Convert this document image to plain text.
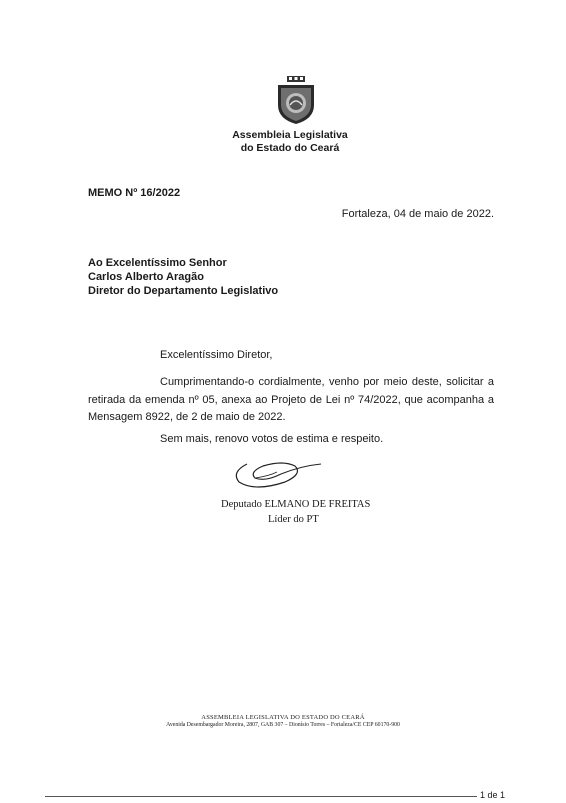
Assembleia Legislativa
do Estado do Ceará
MEMO Nº 16/2022
Fortaleza, 04 de maio de 2022.
Ao Excelentíssimo Senhor
Carlos Alberto Aragão
Diretor do Departamento Legislativo
Excelentíssimo Diretor,
Cumprimentando-o cordialmente, venho por meio deste, solicitar a
retirada da emenda nº 05, anexa ao Projeto de Lei nº 74/2022, que acompanha a Mensagem 8922, de 2 de maio de 2022.
Sem mais, renovo votos de estima e respeito.
Deputado ELMANO DE FREITAS
Líder do PT
ASSEMBLEIA LEGISLATIVA DO ESTADO DO CEARÁ
Avenida Desembargador Moreira, 2807, GAB 307 – Dionísio Torres – Fortaleza/CE CEP 60170-900
1 de 1
